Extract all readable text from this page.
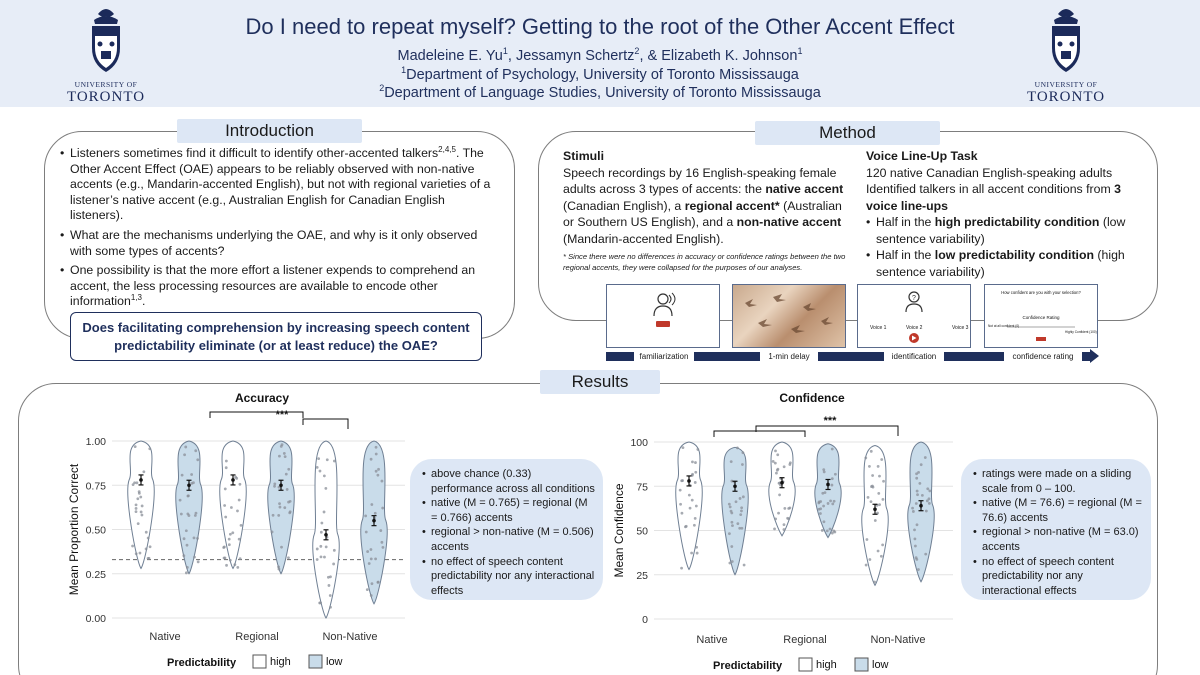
UNIVERSITY OF
TORONTO
Do I need to repeat myself? Getting to the root of the Other Accent Effect
Madeleine E. Yu$^1$, Jessamyn Schertz$^2$, & Elizabeth K. Johnson$^1$
$^1$Department of Psychology, University of Toronto Mississauga
$^2$Department of Language Studies, University of Toronto Mississauga
UNIVERSITY OF
TORONTO
Introduction
• Listeners sometimes find it difficult to identify other-accented talkers$^{2,4,5}$. The Other Accent Effect (OAE) appears to be reliably observed with non-native accents (e.g., Mandarin-accented English), but not with regional varieties of a listener’s native accent (e.g., Australian English for Canadian English listeners).
• What are the mechanisms underlying the OAE, and why is it only observed with some types of accents?
• One possibility is that the more effort a listener expends to comprehend an accent, the less processing resources are available to encode other information$^{1,3}$.
Does facilitating comprehension by increasing speech content predictability eliminate (or at least reduce) the OAE?
Method
Stimuli
Speech recordings by 16 English-speaking female adults across 3 types of accents: the native accent (Canadian English), a regional accent* (Australian or Southern US English), and a non-native accent (Mandarin-accented English).
* Since there were no differences in accuracy or confidence ratings between the two regional accents, they were collapsed for the purposes of our analyses.
Voice Line-Up Task
120 native Canadian English-speaking adults
Identified talkers in all accent conditions from 3 voice line-ups
• Half in the high predictability condition (low sentence variability)
• Half in the low predictability condition (high sentence variability)
?
Voice 1	Voice 2	Voice 3
How confident are you with your selection?
Confidence Rating
Not at all confident (0)
Highly Confident (100)
familiarization	1-min delay	identification	confidence rating
Results
Accuracy
Mean Proportion Correct
0.00
0.25
0.50
0.75
1.00
Native	Regional	Non-Native
***
Predictability	high	low
Confidence
Mean Confidence
0
25
50
75
100
Native	Regional	Non-Native
***
Predictability	high	low
• above chance (0.33) performance across all conditions
• native (M = 0.765) = regional (M = 0.766) accents
• regional > non-native (M = 0.506) accents
• no effect of speech content predictability nor any interactional effects
• ratings were made on a sliding scale from 0 – 100.
• native (M = 76.6) = regional (M = 76.6) accents
• regional > non-native (M = 63.0) accents
• no effect of speech content predictability nor any interactional effects
